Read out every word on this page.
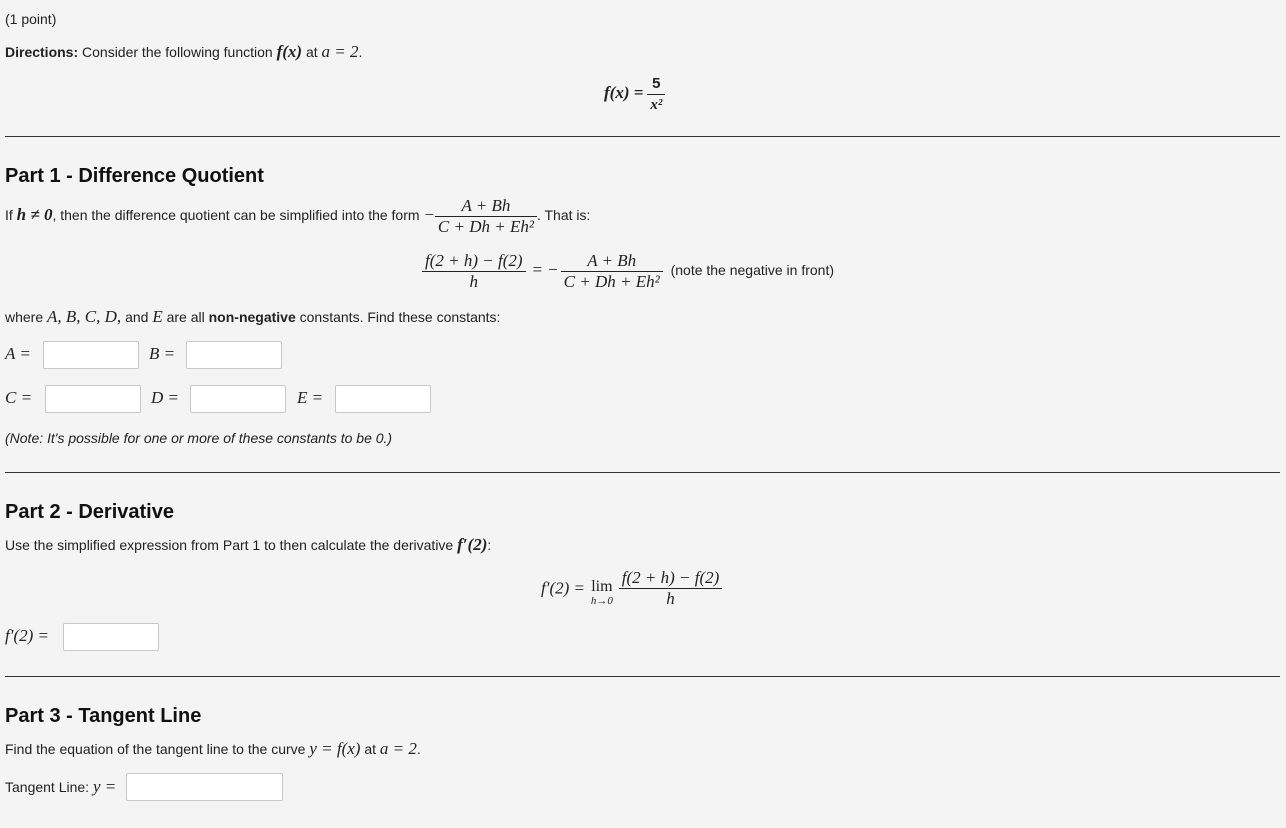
(1 point)
Directions: Consider the following function f(x) at a = 2.
$f(x) = \frac{5}{\text{x²}}$
Part 1 - Difference Quotient
If h ≠ 0, then the difference quotient can be simplified into the form − $\frac{A + Bh}{\text{C + Dh + Eh²}}$ . That is:
$\frac{f(2 + h) - f(2)}{h}$ = − $\frac{A + Bh}{\text{C + Dh + Eh²}}$ (note the negative in front)
where A, B, C, D, and E are all non-negative constants. Find these constants:
A =	B =
C =	D =	E =
(Note: It's possible for one or more of these constants to be 0.)
Part 2 - Derivative
Use the simplified expression from Part 1 to then calculate the derivative f′(2):
f′(2) = lim
h→0
$\frac{f(2 + h) - f(2)}{h}$
f′(2) =
Part 3 - Tangent Line
Find the equation of the tangent line to the curve y = f(x) at a = 2.
Tangent Line: y =
